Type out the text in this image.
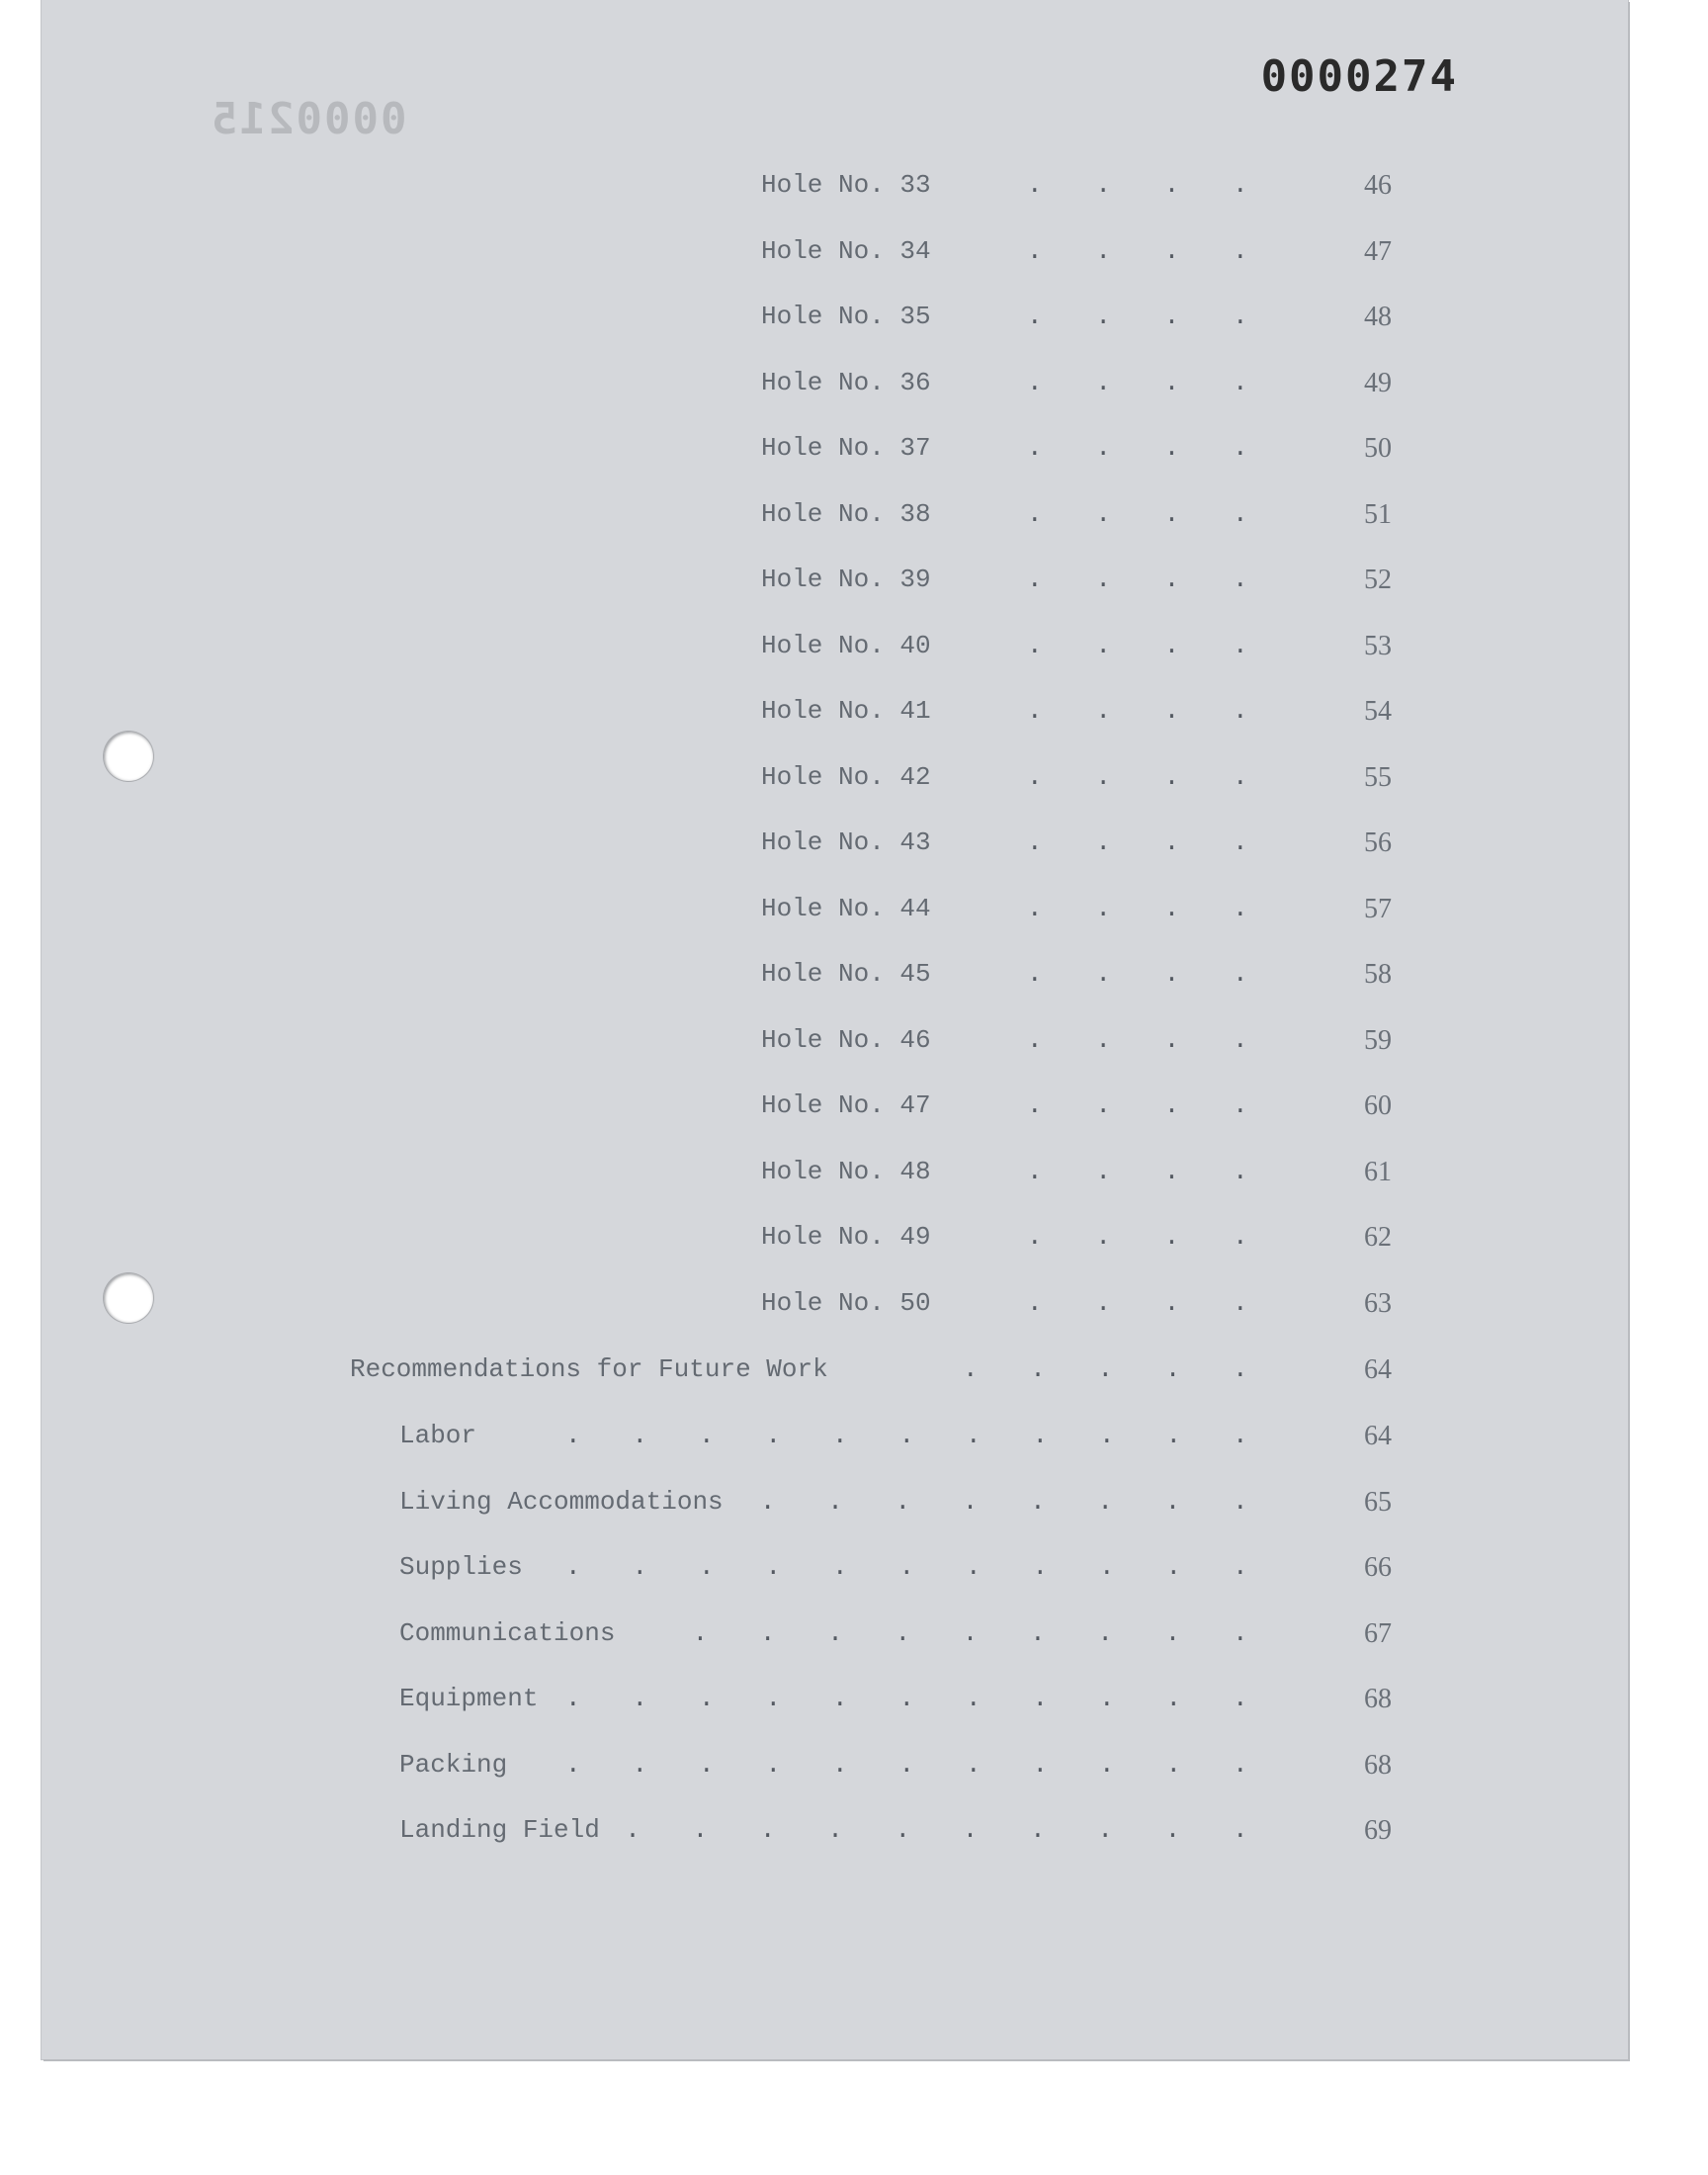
0000274
0000215
Hole No. 33	. . . .	46
Hole No. 34	. . . .	47
Hole No. 35	. . . .	48
Hole No. 36	. . . .	49
Hole No. 37	. . . .	50
Hole No. 38	. . . .	51
Hole No. 39	. . . .	52
Hole No. 40	. . . .	53
Hole No. 41	. . . .	54
Hole No. 42	. . . .	55
Hole No. 43	. . . .	56
Hole No. 44	. . . .	57
Hole No. 45	. . . .	58
Hole No. 46	. . . .	59
Hole No. 47	. . . .	60
Hole No. 48	. . . .	61
Hole No. 49	. . . .	62
Hole No. 50	. . . .	63
Recommendations for Future Work	. . . . .	64
Labor	. . . . . . . . . . .	64
Living Accommodations . . . . . . . .	65
Supplies . . . . . . . . . . .	66
Communications	. . . . . . . . .	67
Equipment . . . . . . . . . . .	68
Packing . . . . . . . . . . .	68
Landing Field . . . . . . . . . .	69
